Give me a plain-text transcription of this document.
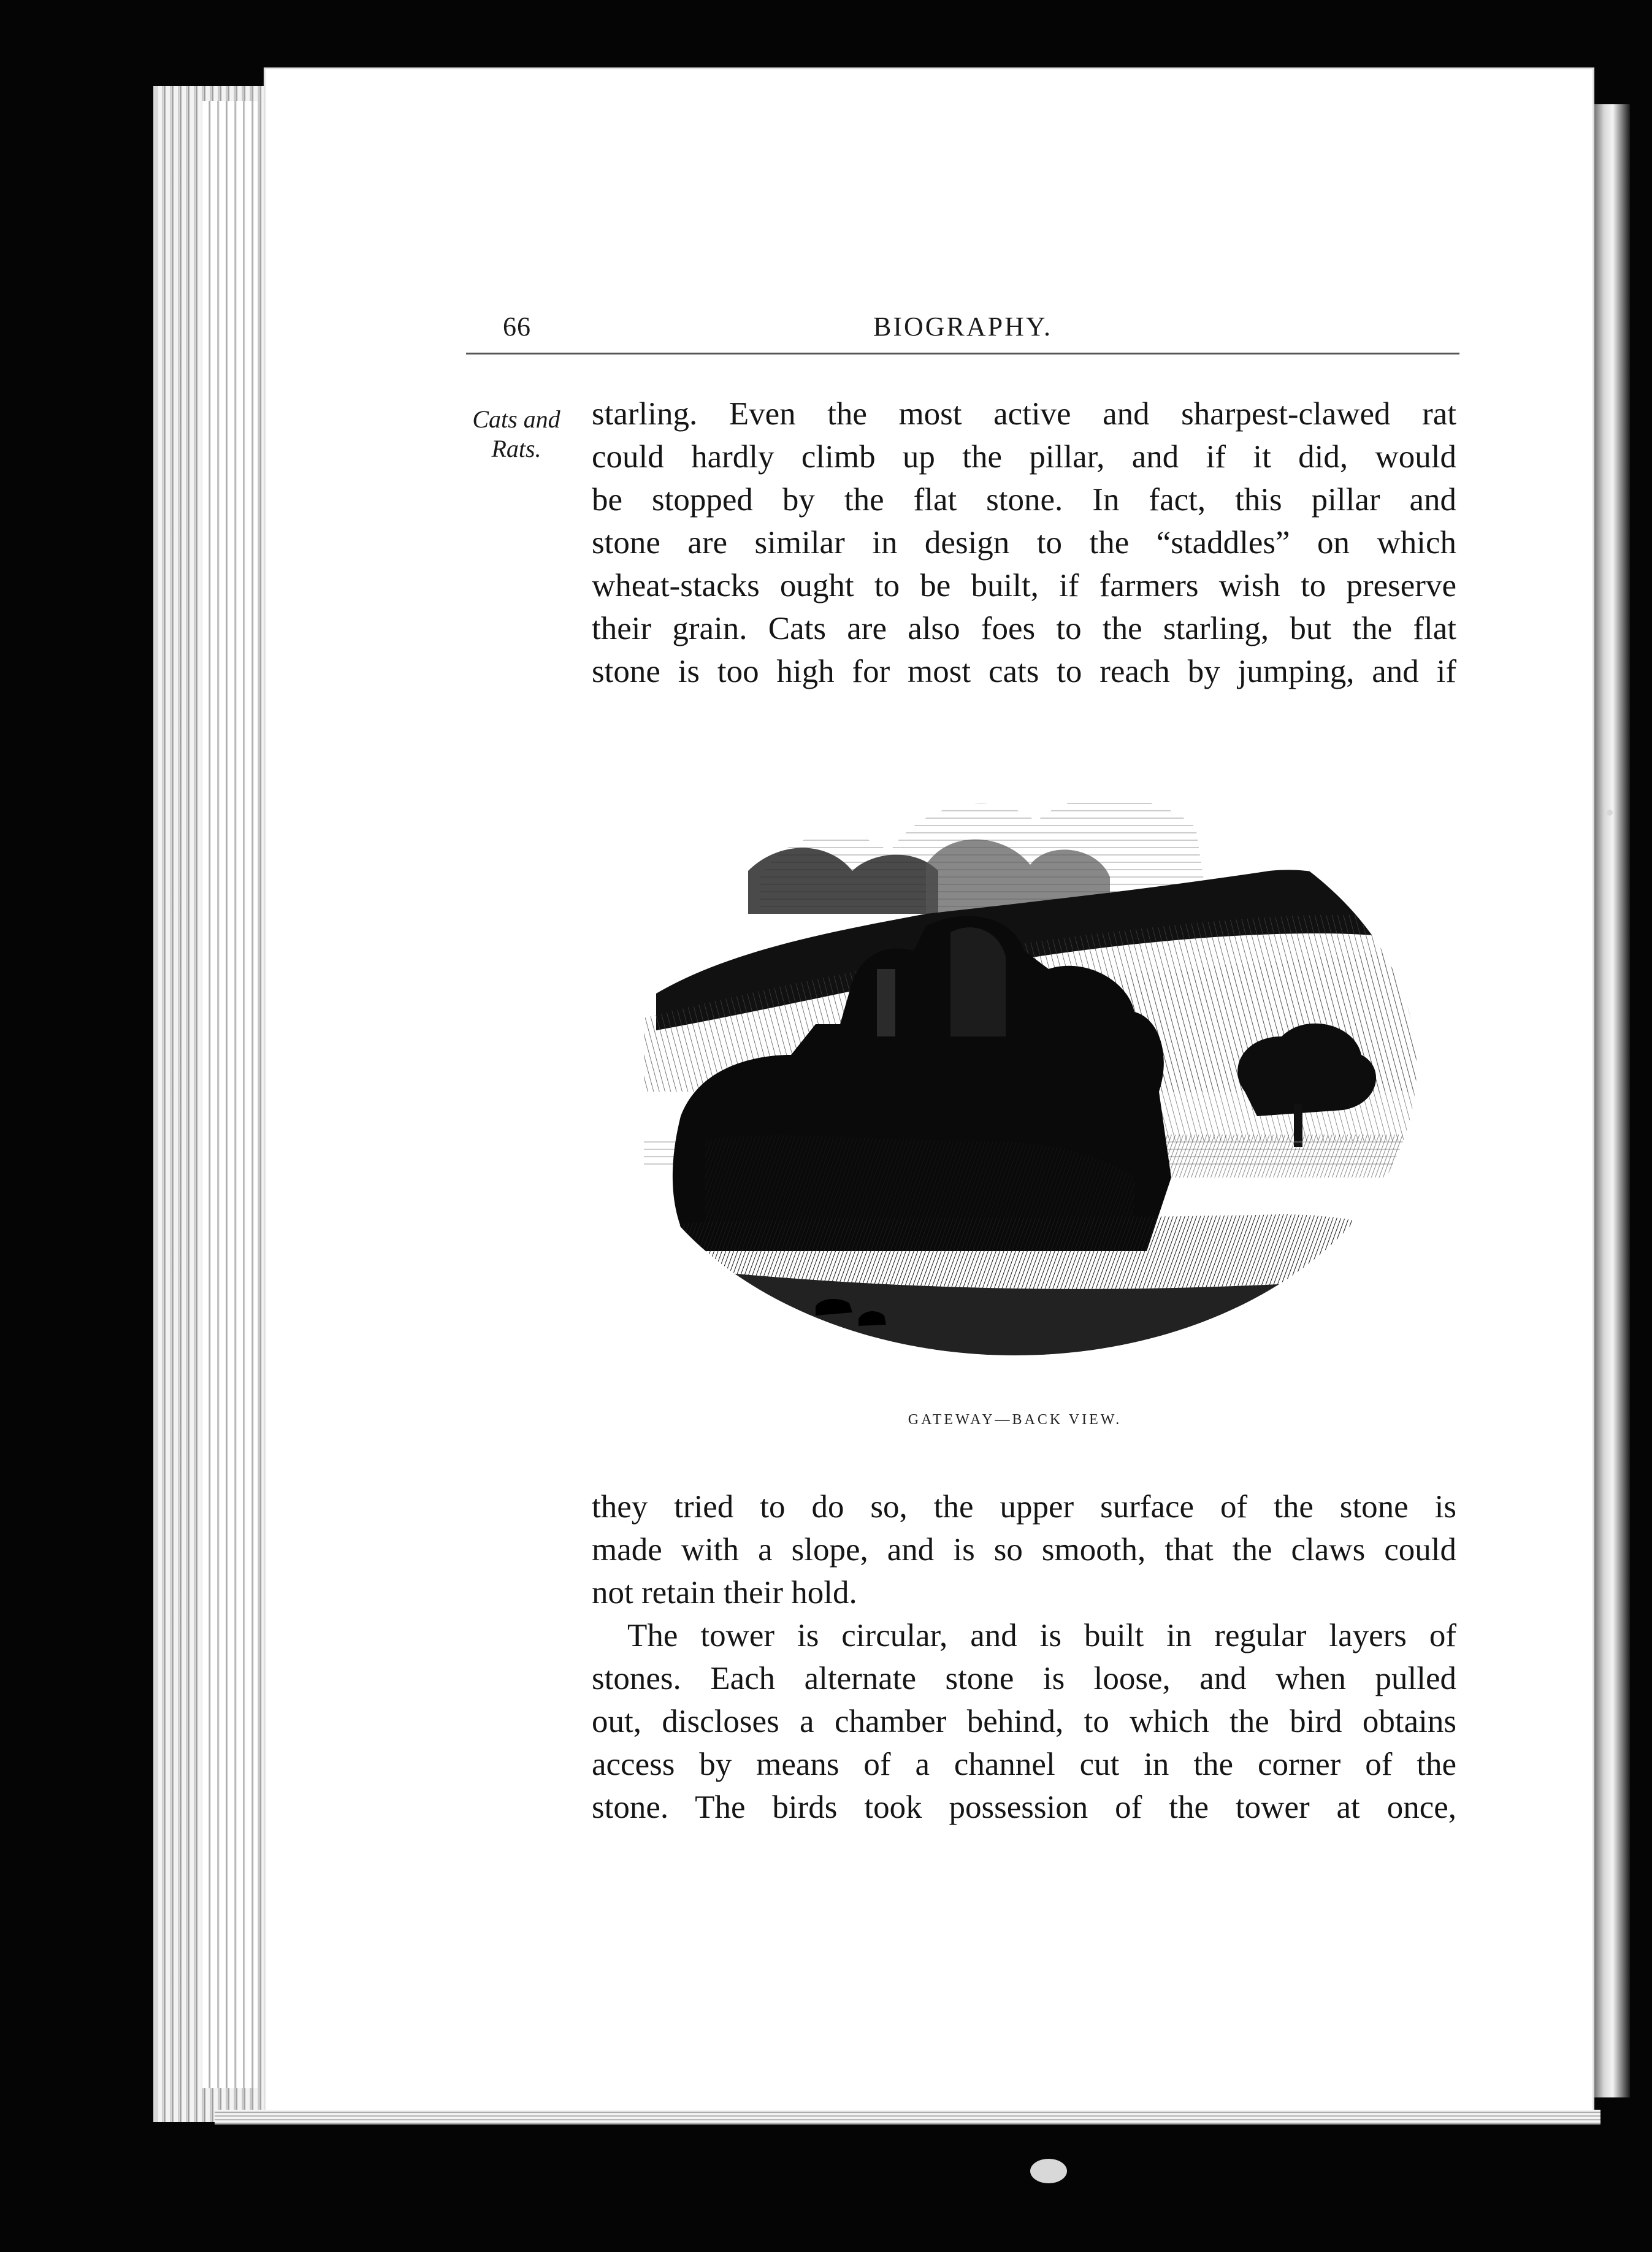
66	BIOGRAPHY.
Cats and
Rats.
starling. Even the most active and sharpest-clawed rat
could hardly climb up the pillar, and if it did, would
be stopped by the flat stone. In fact, this pillar and
stone are similar in design to the “staddles” on which
wheat-stacks ought to be built, if farmers wish to preserve
their grain. Cats are also foes to the starling, but the flat
stone is too high for most cats to reach by jumping, and if
GATEWAY—BACK VIEW.
they tried to do so, the upper surface of the stone is
made with a slope, and is so smooth, that the claws could
not retain their hold.
The tower is circular, and is built in regular layers of
stones. Each alternate stone is loose, and when pulled
out, discloses a chamber behind, to which the bird obtains
access by means of a channel cut in the corner of the
stone. The birds took possession of the tower at once,
